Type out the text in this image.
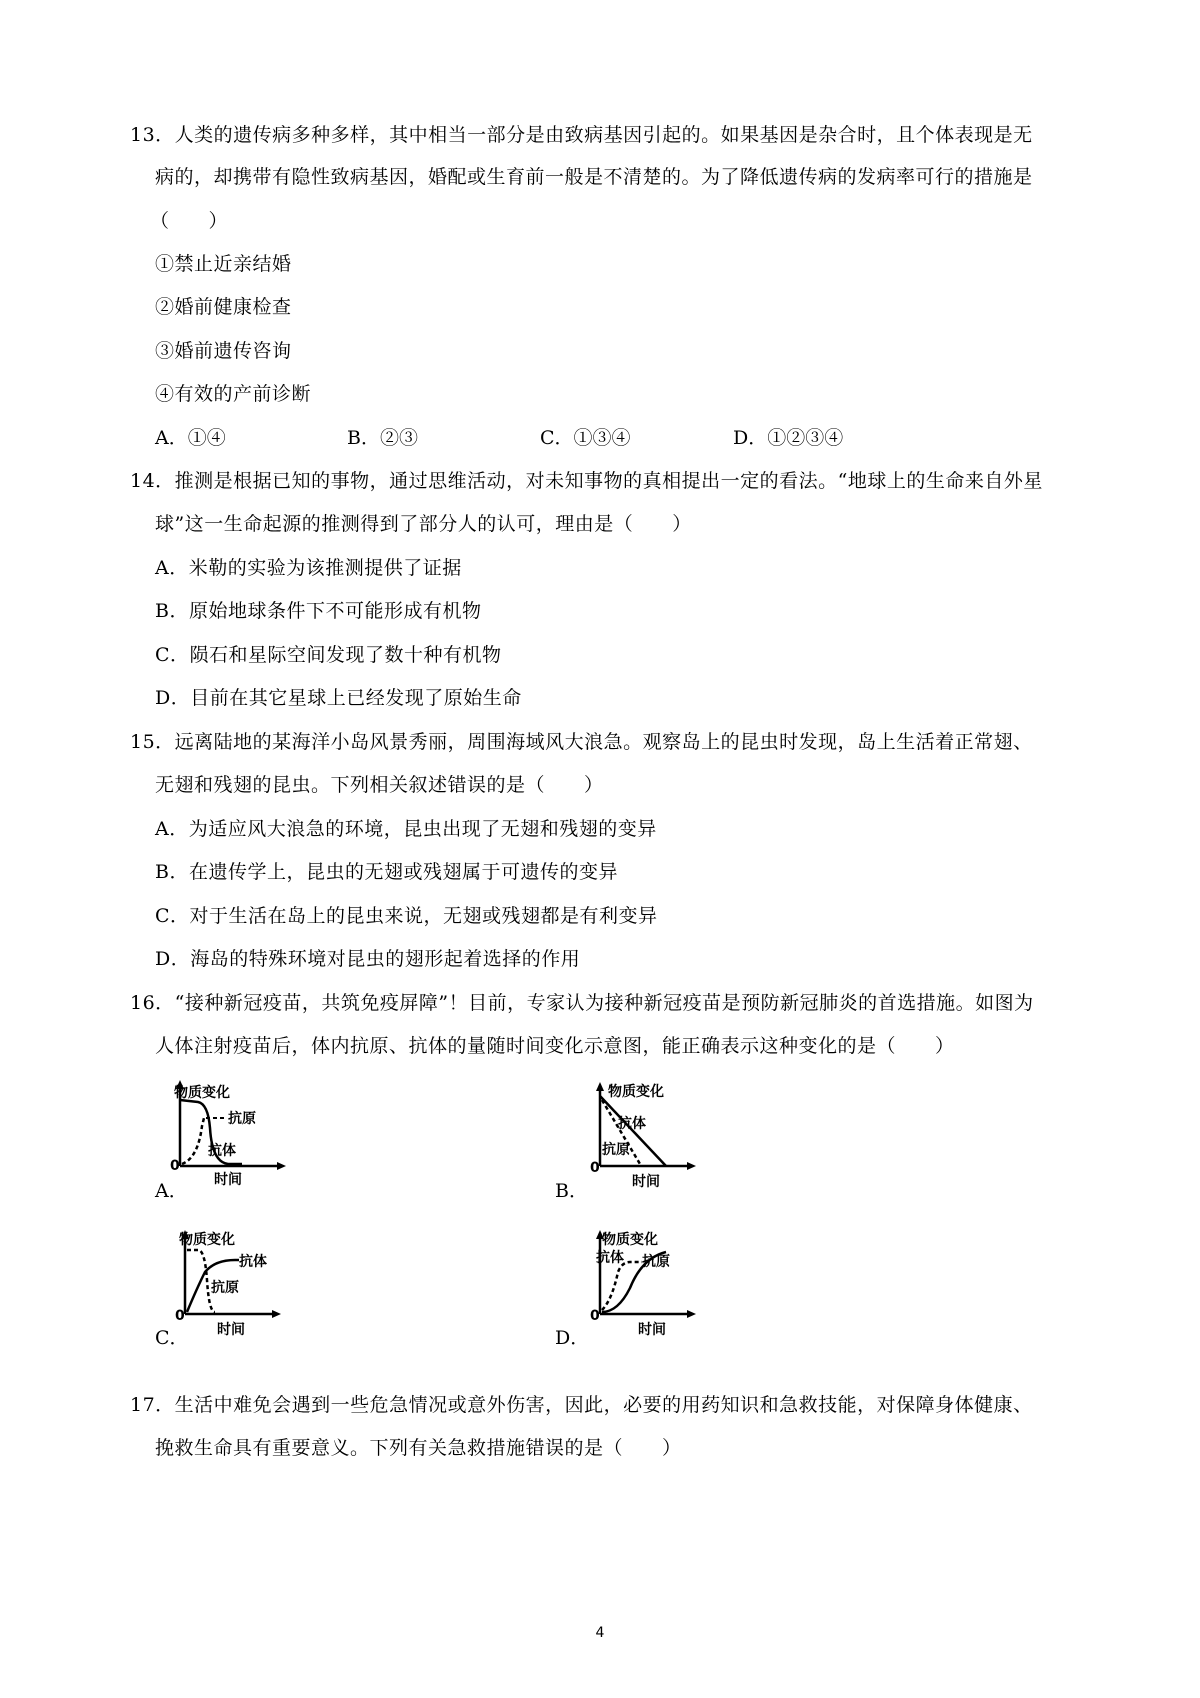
13．人类的遗传病多种多样，其中相当一部分是由致病基因引起的。如果基因是杂合时，且个体表现是无
病的，却携带有隐性致病基因，婚配或生育前一般是不清楚的。为了降低遗传病的发病率可行的措施是
（　　）
①禁止近亲结婚
②婚前健康检查
③婚前遗传咨询
④有效的产前诊断
A．①④	B．②③	C．①③④	D．①②③④
14．推测是根据已知的事物，通过思维活动，对未知事物的真相提出一定的看法。“地球上的生命来自外星
球”这一生命起源的推测得到了部分人的认可，理由是（　　）
A．米勒的实验为该推测提供了证据
B．原始地球条件下不可能形成有机物
C．陨石和星际空间发现了数十种有机物
D．目前在其它星球上已经发现了原始生命
15．远离陆地的某海洋小岛风景秀丽，周围海域风大浪急。观察岛上的昆虫时发现，岛上生活着正常翅、
无翅和残翅的昆虫。下列相关叙述错误的是（　　）
A．为适应风大浪急的环境，昆虫出现了无翅和残翅的变异
B．在遗传学上，昆虫的无翅或残翅属于可遗传的变异
C．对于生活在岛上的昆虫来说，无翅或残翅都是有利变异
D．海岛的特殊环境对昆虫的翅形起着选择的作用
16．“接种新冠疫苗，共筑免疫屏障”！目前，专家认为接种新冠疫苗是预防新冠肺炎的首选措施。如图为
人体注射疫苗后，体内抗原、抗体的量随时间变化示意图，能正确表示这种变化的是（　　）
A．
物质变化
抗原
抗体
0
时间	B．
物质变化
抗体
抗原
0
时间
C．
物质变化
抗体
抗原
0
时间	D．
物质变化
抗体 抗原
0
时间
17．生活中难免会遇到一些危急情况或意外伤害，因此，必要的用药知识和急救技能，对保障身体健康、
挽救生命具有重要意义。下列有关急救措施错误的是（　　）
4
